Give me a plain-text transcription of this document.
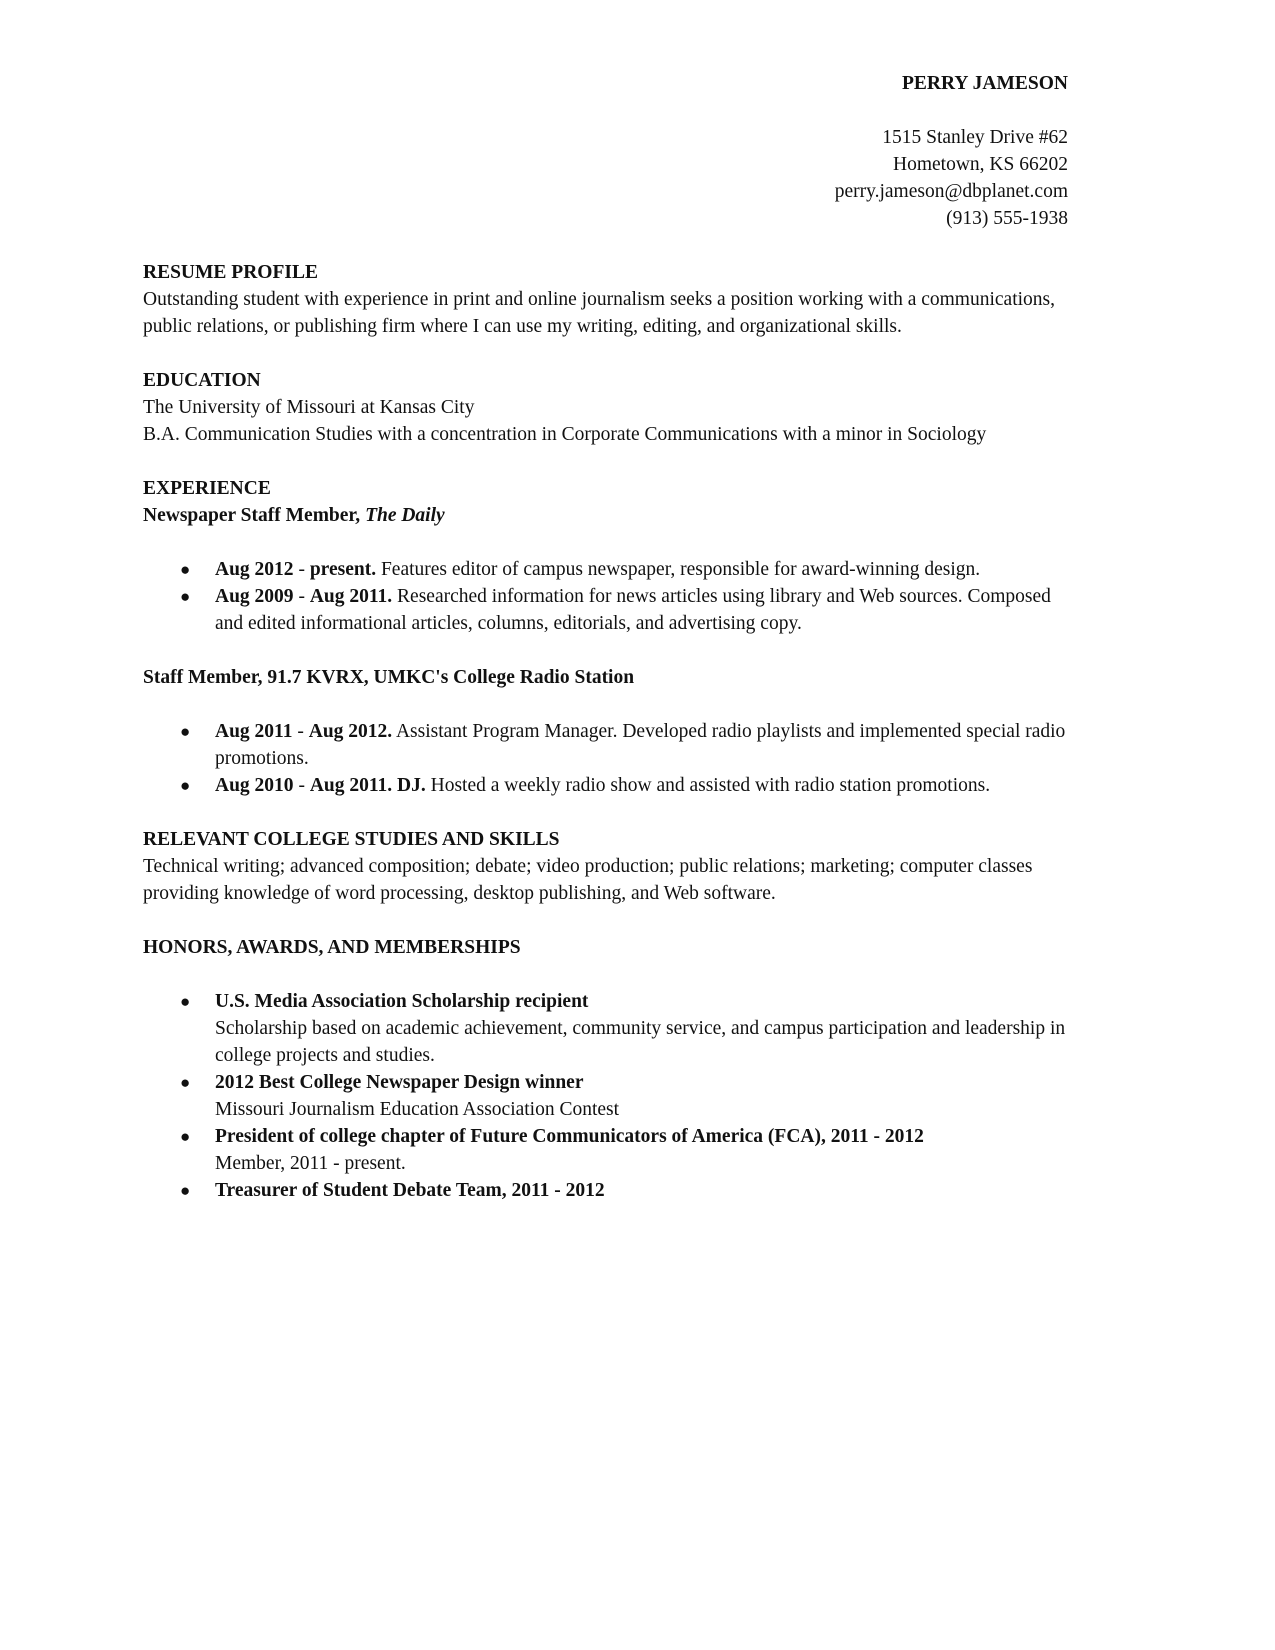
PERRY JAMESON
1515 Stanley Drive #62
Hometown, KS 66202
perry.jameson@dbplanet.com
(913) 555-1938
RESUME PROFILE

Outstanding student with experience in print and online journalism seeks a position working with a communications, public relations, or publishing firm where I can use my writing, editing, and organizational skills.

EDUCATION

The University of Missouri at Kansas City

B.A. Communication Studies with a concentration in Corporate Communications with a minor in Sociology

EXPERIENCE
Newspaper Staff Member, The Daily
● Aug 2012 - present. Features editor of campus newspaper, responsible for award-winning design.
● Aug 2009 - Aug 2011. Researched information for news articles using library and Web sources. Composed and edited informational articles, columns, editorials, and advertising copy.
Staff Member, 91.7 KVRX, UMKC's College Radio Station
● Aug 2011 - Aug 2012. Assistant Program Manager. Developed radio playlists and implemented special radio promotions.
● Aug 2010 - Aug 2011. DJ. Hosted a weekly radio show and assisted with radio station promotions.
RELEVANT COLLEGE STUDIES AND SKILLS

Technical writing; advanced composition; debate; video production; public relations; marketing; computer classes providing knowledge of word processing, desktop publishing, and Web software.

HONORS, AWARDS, AND MEMBERSHIPS
● U.S. Media Association Scholarship recipient
Scholarship based on academic achievement, community service, and campus participation and leadership in college projects and studies.
● 2012 Best College Newspaper Design winner
Missouri Journalism Education Association Contest
● President of college chapter of Future Communicators of America (FCA), 2011 - 2012
Member, 2011 - present.
● Treasurer of Student Debate Team, 2011 - 2012
